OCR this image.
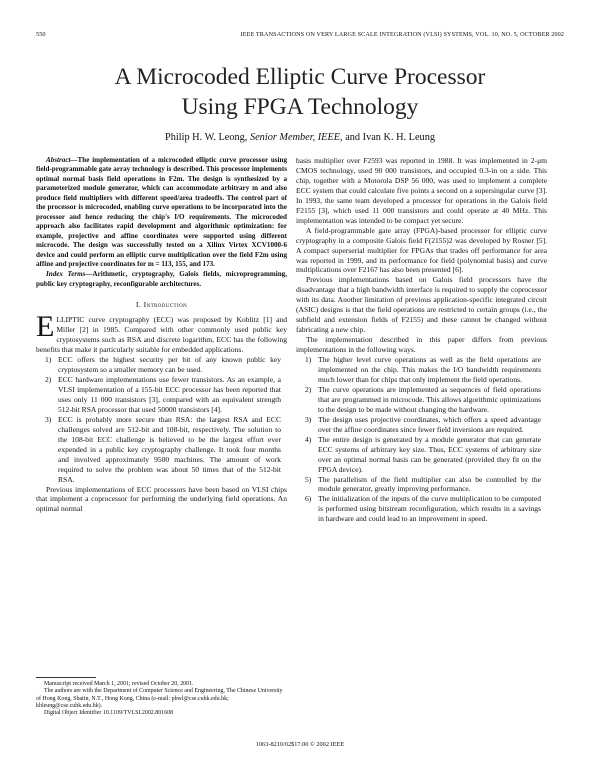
550	IEEE TRANSACTIONS ON VERY LARGE SCALE INTEGRATION (VLSI) SYSTEMS, VOL. 10, NO. 5, OCTOBER 2002
A Microcoded Elliptic Curve Processor
Using FPGA Technology
Philip H. W. Leong, Senior Member, IEEE, and Ivan K. H. Leung

Abstract—The implementation of a microcoded elliptic curve processor using field-programmable gate array technology is described. This processor implements optimal normal basis field operations in F2m. The design is synthesized by a parameterized module generator, which can accommodate arbitrary m and also produce field multipliers with different speed/area tradeoffs. The control part of the processor is microcoded, enabling curve operations to be incorporated into the processor and hence reducing the chip's I/O requirements. The microcoded approach also facilitates rapid development and algorithmic optimization: for example, projective and affine coordinates were supported using different microcode. The design was successfully tested on a Xilinx Virtex XCV1000-6 device and could perform an elliptic curve multiplication over the field F2m using affine and projective coordinates for m = 113, 155, and 173.

Index Terms—Arithmetic, cryptography, Galois fields, microprogramming, public key cryptography, reconfigurable architectures.

I. Introduction

ELLIPTIC curve cryptography (ECC) was proposed by Koblitz [1] and Miller [2] in 1985. Compared with other commonly used public key cryptosystems such as RSA and discrete logarithm, ECC has the following benefits that make it particularly suitable for embedded applications.

1) ECC offers the highest security per bit of any known public key cryptosystem so a smaller memory can be used.
2) ECC hardware implementations use fewer transistors. As an example, a VLSI implementation of a 155-bit ECC processor has been reported that uses only 11 000 transistors [3], compared with an equivalent strength 512-bit RSA processor that used 50000 transistors [4].
3) ECC is probably more secure than RSA: the largest RSA and ECC challenges solved are 512-bit and 108-bit, respectively. The solution to the 108-bit ECC challenge is believed to be the largest effort ever expended in a public key cryptography challenge. It took four months and involved approximately 9500 machines. The amount of work required to solve the problem was about 50 times that of the 512-bit RSA.

Previous implementations of ECC processors have been based on VLSI chips that implement a coprocessor for performing the underlying field operations. An optimal normal

basis multiplier over F2593 was reported in 1988. It was implemented in 2-μm CMOS technology, used 90 000 transistors, and occupied 0.3-in on a side. This chip, together with a Motorola DSP 56 000, was used to implement a complete ECC system that could calculate five points a second on a supersingular curve [3]. In 1993, the same team developed a processor for operations in the Galois field F2155 [3], which used 11 000 transistors and could operate at 40 MHz. This implementation was intended to be compact yet secure.

A field-programmable gate array (FPGA)-based processor for elliptic curve cryptography in a composite Galois field F(2155)2 was developed by Rosner [5]. A compact superserial multiplier for FPGAs that trades off performance for area was reported in 1999, and its performance for field (polynomial basis) and curve multiplications over F2167 has also been presented [6].

Previous implementations based on Galois field processors have the disadvantage that a high bandwidth interface is required to supply the coprocessor with its data. Another limitation of previous application-specific integrated circuit (ASIC) designs is that the field operations are restricted to certain groups (i.e., the subfield and extension fields of F2155) and these cannot be changed without fabricating a new chip.

The implementation described in this paper differs from previous implementations in the following ways.

1) The higher level curve operations as well as the field operations are implemented on the chip. This makes the I/O bandwidth requirements much lower than for chips that only implement the field operations.
2) The curve operations are implemented as sequences of field operations that are programmed in microcode. This allows algorithmic optimizations to the design to be made without changing the hardware.
3) The design uses projective coordinates, which offers a speed advantage over the affine coordinates since fewer field inversions are required.
4) The entire design is generated by a module generator that can generate ECC systems of arbitrary key size. Thus, ECC systems of arbitrary size over an optimal normal basis can be generated (provided they fit on the FPGA device).
5) The parallelism of the field multiplier can also be controlled by the module generator, greatly improving performance.
6) The initialization of the inputs of the curve multiplication to be computed is performed using bitstream reconfiguration, which results in a savings in hardware and could lead to an improvement in speed.

Manuscript received March 1, 2001; revised October 20, 2001.

The authors are with the Department of Computer Science and Engineering, The Chinese University of Hong Kong, Shatin, N.T., Hong Kong, China (e-mail: phwl@cse.cuhk.edu.hk; khleung@cse.cuhk.edu.hk).

Digital Object Identifier 10.1109/TVLSI.2002.801608

1063-8210/02$17.00 © 2002 IEEE
